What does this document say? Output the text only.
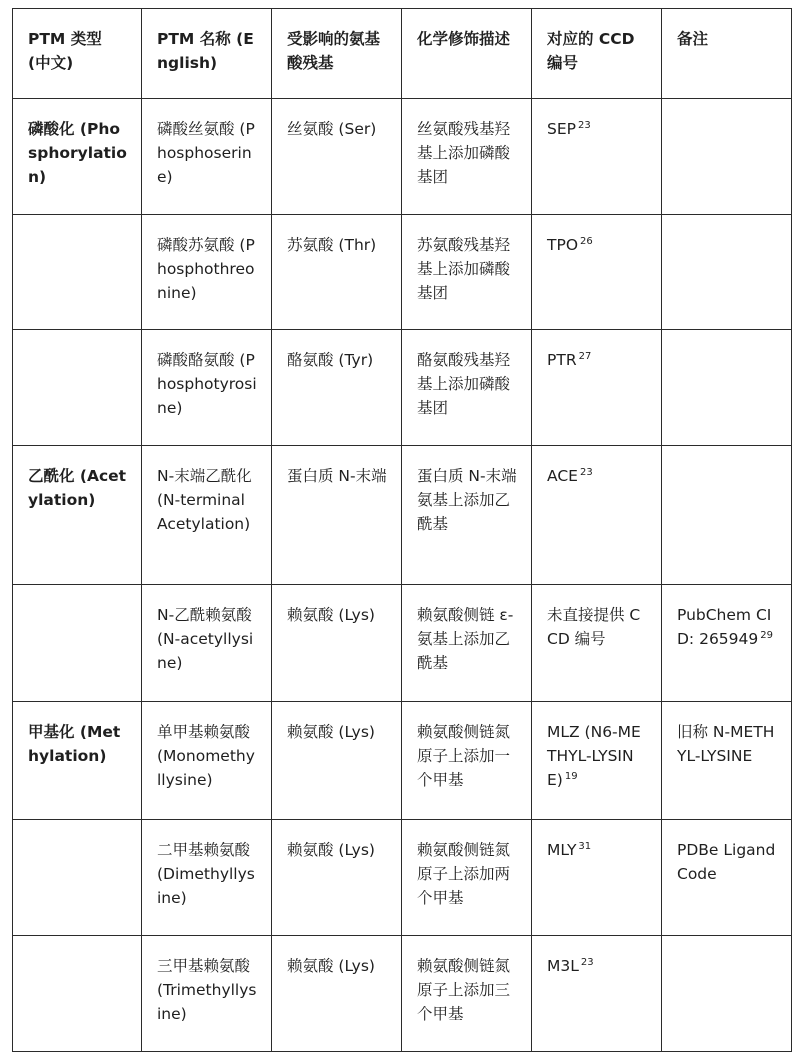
PTM 类型 (中文)	PTM 名称 (English)	受影响的氨基酸残基	化学修饰描述	对应的 CCD 编号	备注
磷酸化 (Phosphorylation)	磷酸丝氨酸 (Phosphoserine)	丝氨酸 (Ser)	丝氨酸残基羟基上添加磷酸基团	SEP $^{23}$	
	磷酸苏氨酸 (Phosphothreonine)	苏氨酸 (Thr)	苏氨酸残基羟基上添加磷酸基团	TPO $^{26}$	
	磷酸酪氨酸 (Phosphotyrosine)	酪氨酸 (Tyr)	酪氨酸残基羟基上添加磷酸基团	PTR $^{27}$	
乙酰化 (Acetylation)	N-末端乙酰化 (N-terminal Acetylation)	蛋白质 N-末端	蛋白质 N-末端氨基上添加乙酰基	ACE $^{23}$	
	N-乙酰赖氨酸 (N-acetyllysine)	赖氨酸 (Lys)	赖氨酸侧链 ε-氨基上添加乙酰基	未直接提供 CCD 编号	PubChem CID: 265949 $^{29}$
甲基化 (Methylation)	单甲基赖氨酸 (Monomethyllysine)	赖氨酸 (Lys)	赖氨酸侧链氮原子上添加一个甲基	MLZ (N6-METHYL-LYSINE) $^{19}$	旧称 N-METHYL-LYSINE
	二甲基赖氨酸 (Dimethyllysine)	赖氨酸 (Lys)	赖氨酸侧链氮原子上添加两个甲基	MLY $^{31}$	PDBe Ligand Code
	三甲基赖氨酸 (Trimethyllysine)	赖氨酸 (Lys)	赖氨酸侧链氮原子上添加三个甲基	M3L $^{23}$	
